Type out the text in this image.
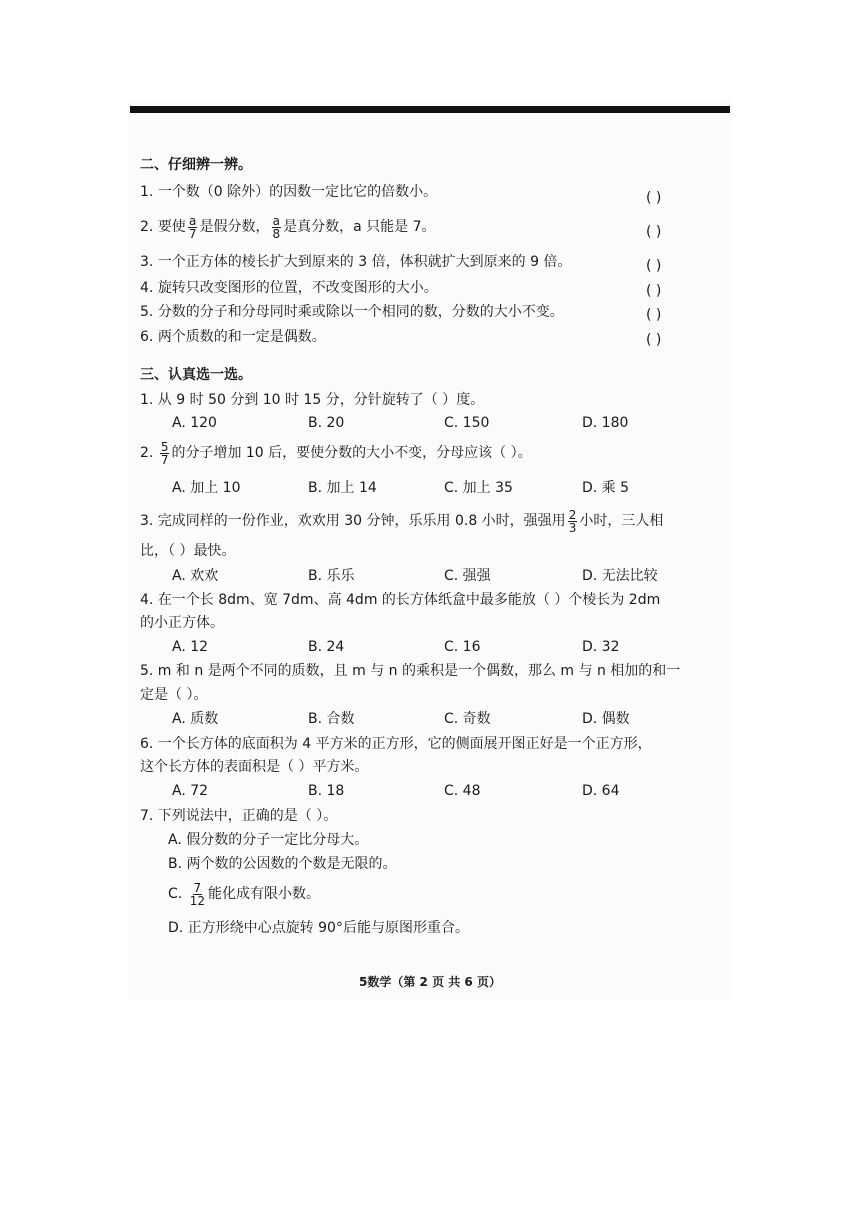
二、仔细辨一辨。
1. 一个数（0 除外）的因数一定比它的倍数小。	( )
2. 要使 $\frac{a}{7}$ 是假分数， $\frac{a}{8}$ 是真分数，a 只能是 7。	( )
3. 一个正方体的棱长扩大到原来的 3 倍，体积就扩大到原来的 9 倍。	( )
4. 旋转只改变图形的位置，不改变图形的大小。	( )
5. 分数的分子和分母同时乘或除以一个相同的数，分数的大小不变。	( )
6. 两个质数的和一定是偶数。	( )
三、认真选一选。
1. 从 9 时 50 分到 10 时 15 分，分针旋转了（ ）度。
A. 120	B. 20	C. 150	D. 180
2. $\frac{5}{7}$ 的分子增加 10 后，要使分数的大小不变，分母应该（ ）。
A. 加上 10	B. 加上 14	C. 加上 35	D. 乘 5
3. 完成同样的一份作业，欢欢用 30 分钟，乐乐用 0.8 小时，强强用 $\frac{2}{3}$ 小时，三人相
比，（ ）最快。
A. 欢欢	B. 乐乐	C. 强强	D. 无法比较
4. 在一个长 8dm、宽 7dm、高 4dm 的长方体纸盒中最多能放（ ）个棱长为 2dm
的小正方体。
A. 12	B. 24	C. 16	D. 32
5. m 和 n 是两个不同的质数，且 m 与 n 的乘积是一个偶数，那么 m 与 n 相加的和一
定是（ ）。
A. 质数	B. 合数	C. 奇数	D. 偶数
6. 一个长方体的底面积为 4 平方米的正方形，它的侧面展开图正好是一个正方形，
这个长方体的表面积是（ ）平方米。
A. 72	B. 18	C. 48	D. 64
7. 下列说法中，正确的是（ ）。
A. 假分数的分子一定比分母大。
B. 两个数的公因数的个数是无限的。
C. $\frac{7}{12}$ 能化成有限小数。
D. 正方形绕中心点旋转 90°后能与原图形重合。
5数学（第 2 页 共 6 页）
